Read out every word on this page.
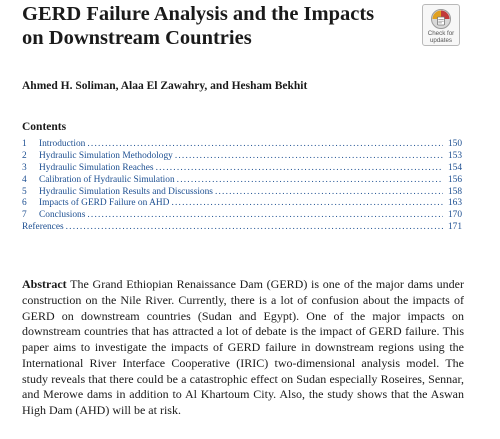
GERD Failure Analysis and the Impacts
on Downstream Countries	Check for
updates
Ahmed H. Soliman, Alaa El Zawahry, and Hesham Bekhit
Contents
1	Introduction .....	150
2	Hydraulic Simulation Methodology .....	153
3	Hydraulic Simulation Reaches .....	154
4	Calibration of Hydraulic Simulation .....	156
5	Hydraulic Simulation Results and Discussions .....	158
6	Impacts of GERD Failure on AHD .....	163
7	Conclusions .....	170
References .....	171

Abstract The Grand Ethiopian Renaissance Dam (GERD) is one of the major dams under construction on the Nile River. Currently, there is a lot of confusion about the impacts of GERD on downstream countries (Sudan and Egypt). One of the major impacts on downstream countries that has attracted a lot of debate is the impact of GERD failure. This paper aims to investigate the impacts of GERD failure in downstream regions using the International River Interface Cooperative (IRIC) two-dimensional analysis model. The study reveals that there could be a catastrophic effect on Sudan especially Roseires, Sennar, and Merowe dams in addition to Al Khartoum City. Also, the study shows that the Aswan High Dam (AHD) will be at risk.
